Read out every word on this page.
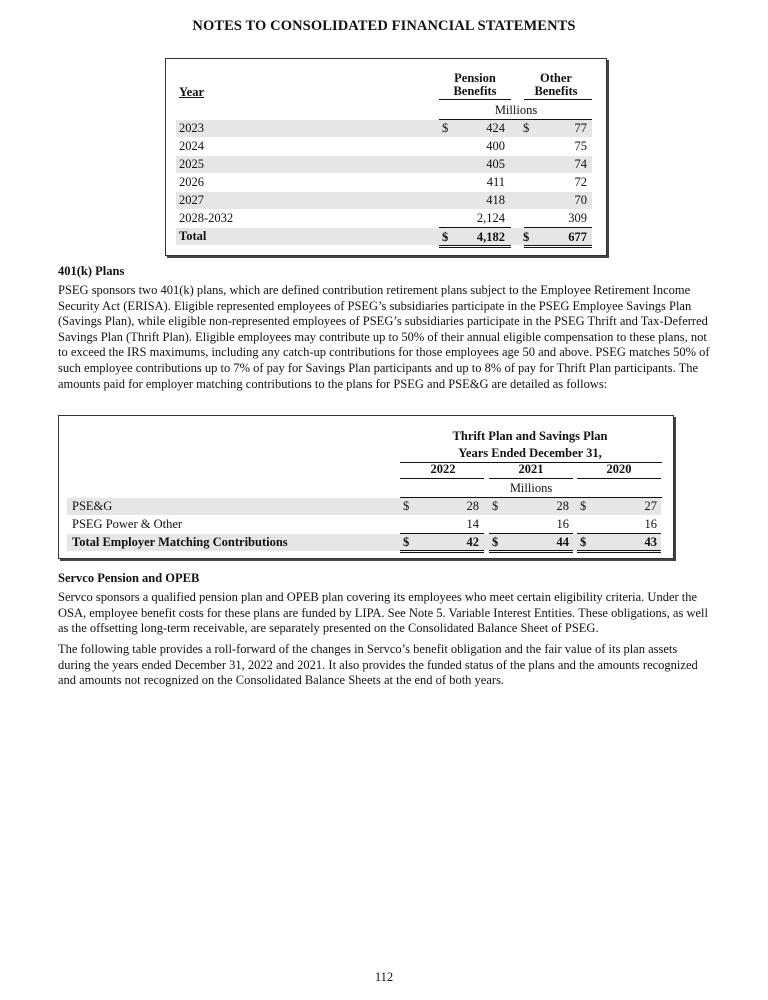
NOTES TO CONSOLIDATED FINANCIAL STATEMENTS
Year
Pension
Benefits
Other
Benefits
Millions
2023	$	424 $	77
2024	400	75
2025	405	74
2026	411	72
2027	418	70
2028-2032	2,124	309
Total	$	4,182 $	677
401(k) Plans

PSEG sponsors two 401(k) plans, which are defined contribution retirement plans subject to the Employee Retirement Income Security Act (ERISA). Eligible represented employees of PSEG’s subsidiaries participate in the PSEG Employee Savings Plan (Savings Plan), while eligible non-represented employees of PSEG’s subsidiaries participate in the PSEG Thrift and Tax-Deferred Savings Plan (Thrift Plan). Eligible employees may contribute up to 50% of their annual eligible compensation to these plans, not to exceed the IRS maximums, including any catch-up contributions for those employees age 50 and above. PSEG matches 50% of such employee contributions up to 7% of pay for Savings Plan participants and up to 8% of pay for Thrift Plan participants. The amounts paid for employer matching contributions to the plans for PSEG and PSE&G are detailed as follows:

Thrift Plan and Savings Plan
Years Ended December 31,
2022	2021	2020
Millions
PSE&G	$	28 $	28 $	27
PSEG Power & Other	14	16	16
Total Employer Matching Contributions	$	42 $	44 $	43
Servco Pension and OPEB

Servco sponsors a qualified pension plan and OPEB plan covering its employees who meet certain eligibility criteria. Under the OSA, employee benefit costs for these plans are funded by LIPA. See Note 5. Variable Interest Entities. These obligations, as well as the offsetting long-term receivable, are separately presented on the Consolidated Balance Sheet of PSEG.

The following table provides a roll-forward of the changes in Servco’s benefit obligation and the fair value of its plan assets during the years ended December 31, 2022 and 2021. It also provides the funded status of the plans and the amounts recognized and amounts not recognized on the Consolidated Balance Sheets at the end of both years.

112
